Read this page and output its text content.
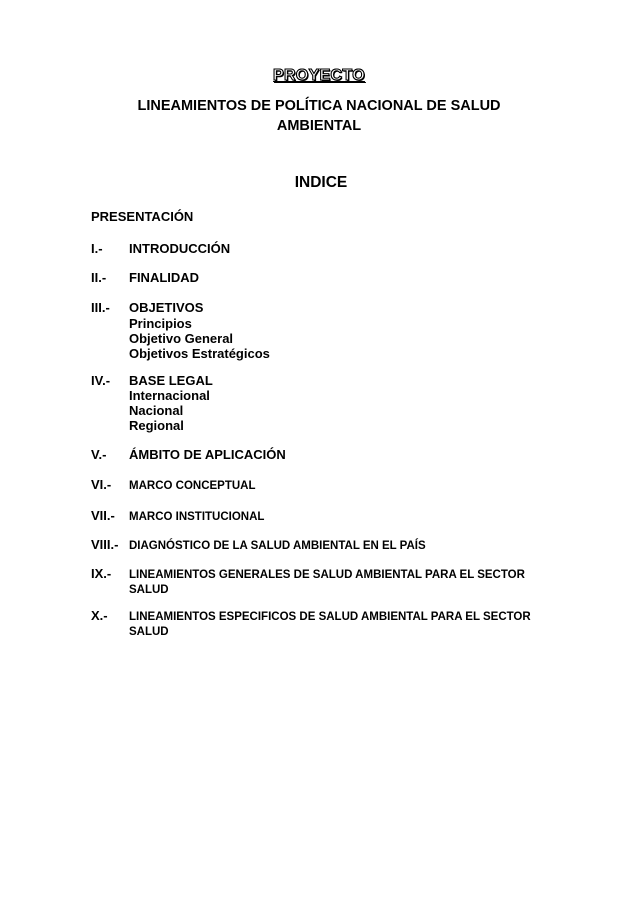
PROYECTO
LINEAMIENTOS DE POLÍTICA NACIONAL DE SALUD
AMBIENTAL
INDICE
PRESENTACIÓN
I.- INTRODUCCIÓN
II.- FINALIDAD
III.- OBJETIVOS
Principios
Objetivo General
Objetivos Estratégicos
IV.- BASE LEGAL
Internacional
Nacional
Regional
V.- ÁMBITO DE APLICACIÓN
VI.- MARCO CONCEPTUAL
VII.- MARCO INSTITUCIONAL
VIII.- DIAGNÓSTICO DE LA SALUD AMBIENTAL EN EL PAÍS
IX.- LINEAMIENTOS GENERALES DE SALUD AMBIENTAL PARA EL SECTOR
SALUD
X.- LINEAMIENTOS ESPECIFICOS DE SALUD AMBIENTAL PARA EL SECTOR
SALUD
